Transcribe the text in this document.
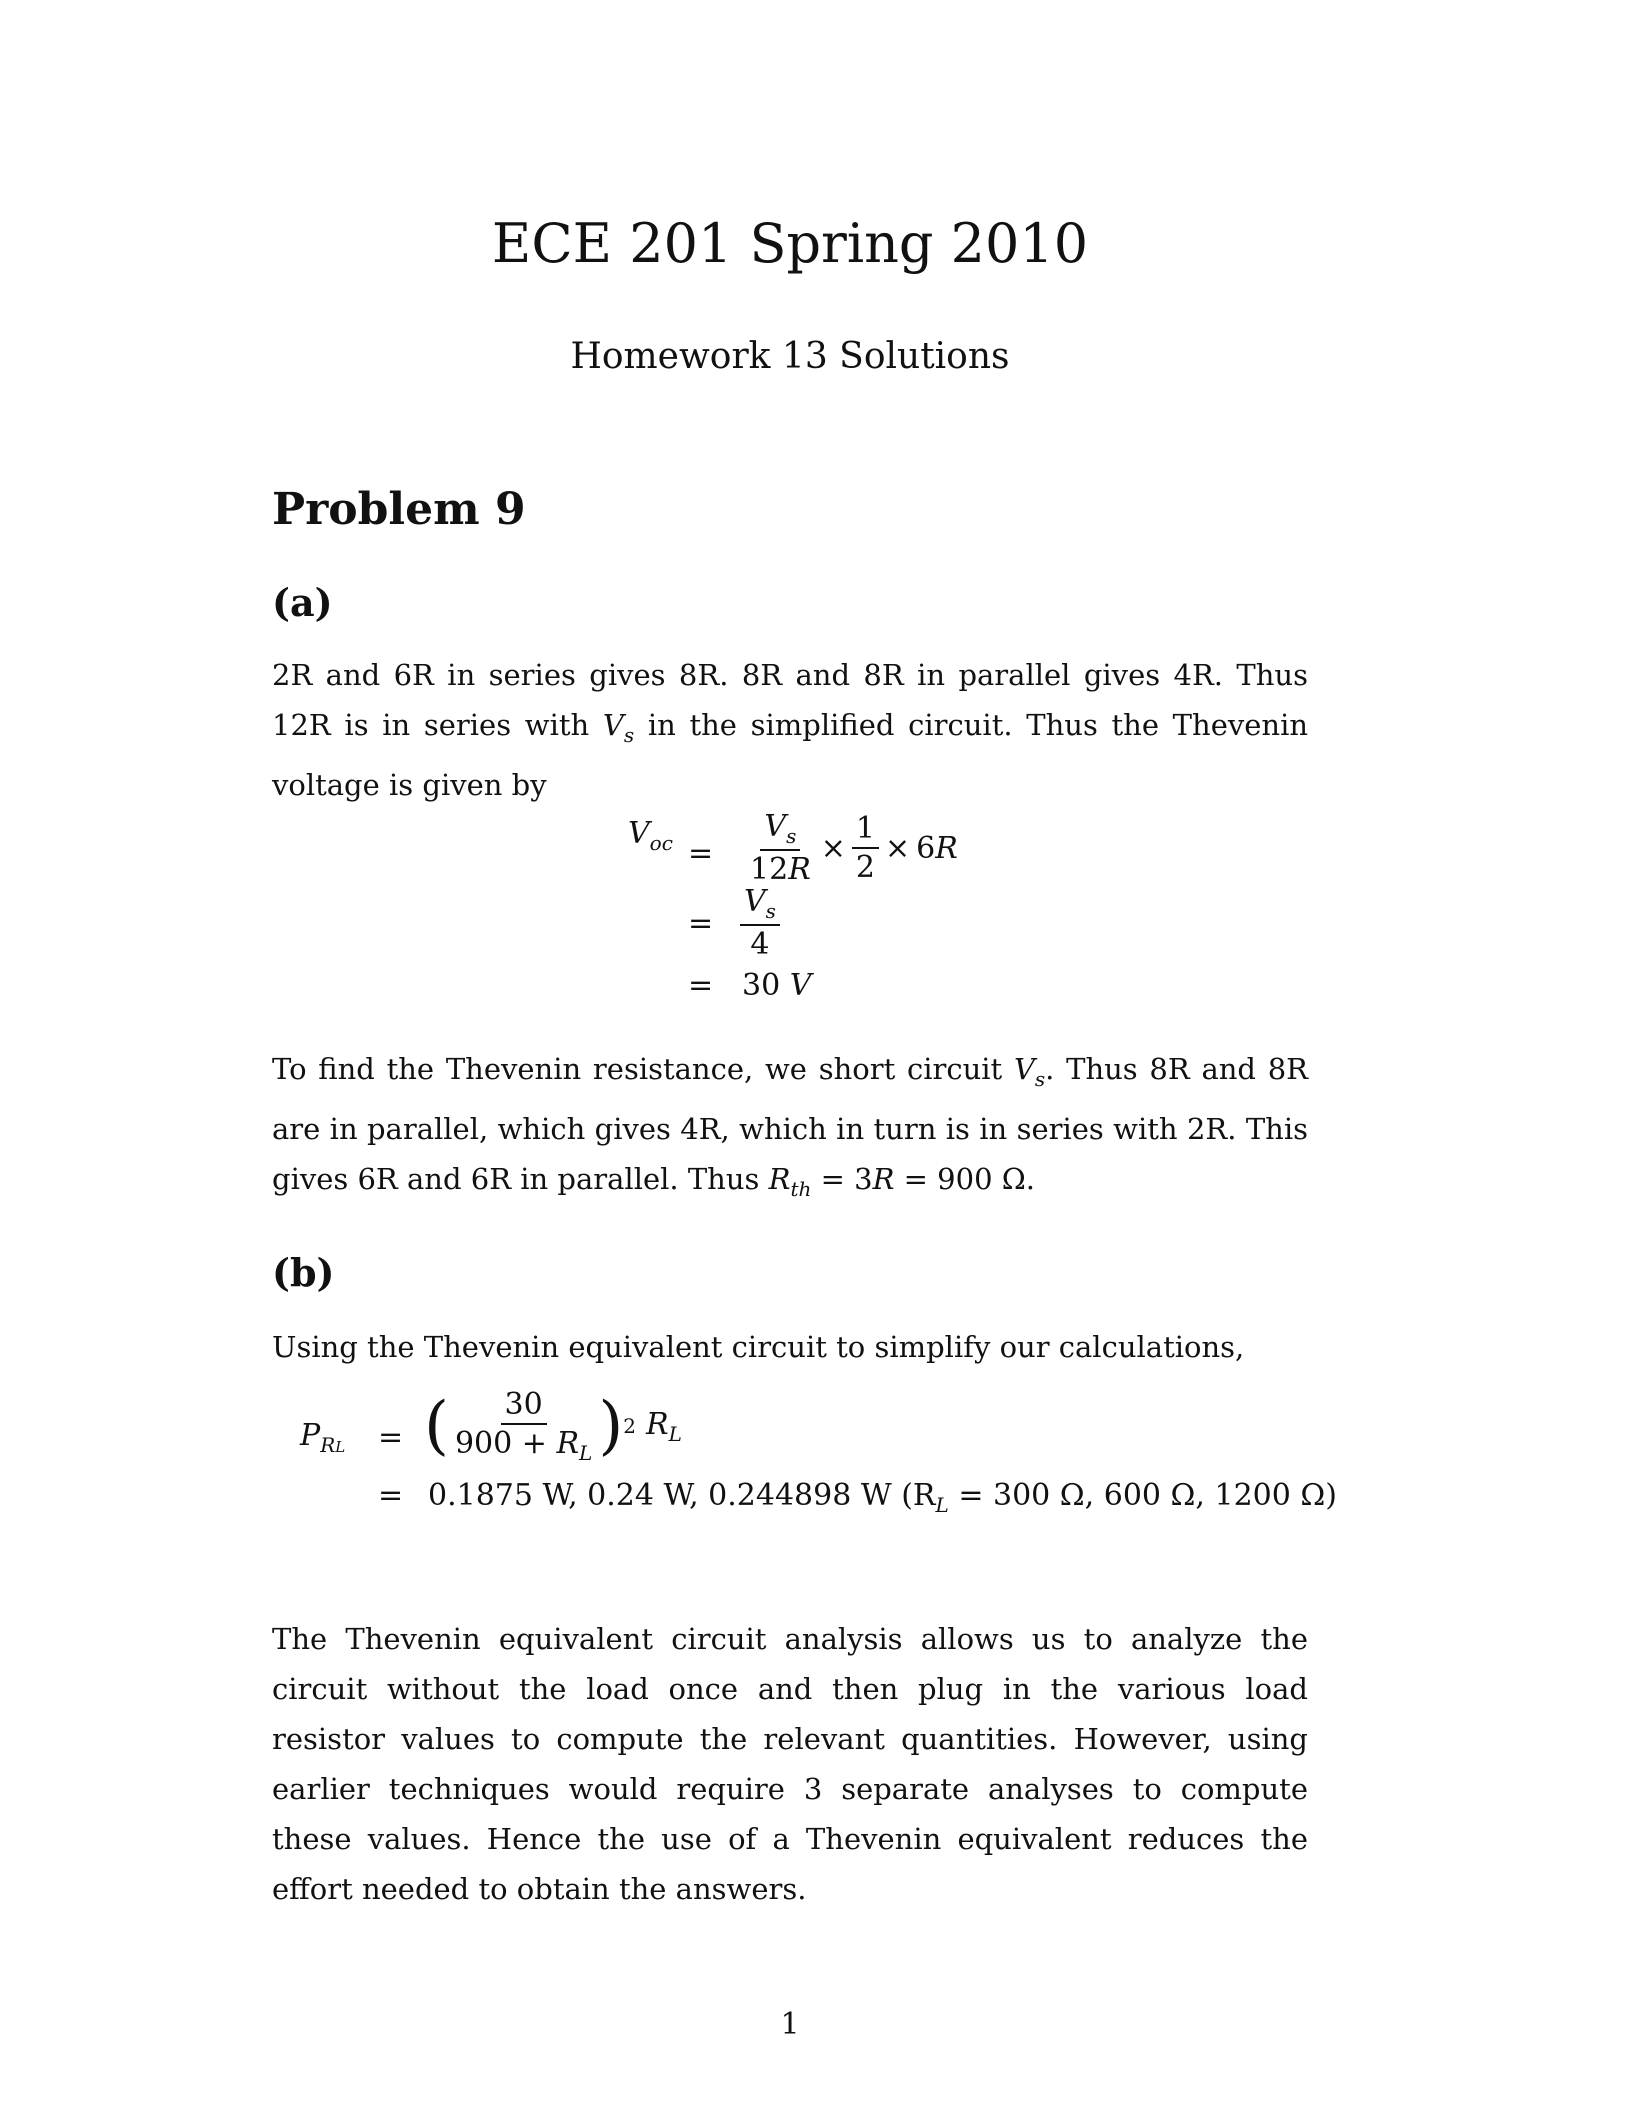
ECE 201 Spring 2010
Homework 13 Solutions
Problem 9
(a)
2R and 6R in series gives 8R. 8R and 8R in parallel gives 4R. Thus 12R is in series with $V_s$ in the simplified circuit. Thus the Thevenin voltage is given by
$V_{oc} = \frac{V_s}{12R} \times \frac{1}{2} \times 6$ R
= $\frac{V_s}{4}$
= 30 V
To find the Thevenin resistance, we short circuit $V_s$. Thus 8R and 8R are in parallel, which gives 4R, which in turn is in series with 2R. This gives 6R and 6R in parallel. Thus $R_{th} = 3R = 900$ Ω.
(b)
Using the Thevenin equivalent circuit to simplify our calculations,
$P_{RL}$ = ( $\frac{30}{900 + R_L}$ ) 2 $R_L$
= 0.1875 W, 0.24 W, 0.244898 W ($R_L = 300$ Ω, 600 Ω, 1200 Ω)
The Thevenin equivalent circuit analysis allows us to analyze the circuit without the load once and then plug in the various load resistor values to compute the relevant quantities. However, using earlier techniques would require 3 separate analyses to compute these values. Hence the use of a Thevenin equivalent reduces the effort needed to obtain the answers.
1
